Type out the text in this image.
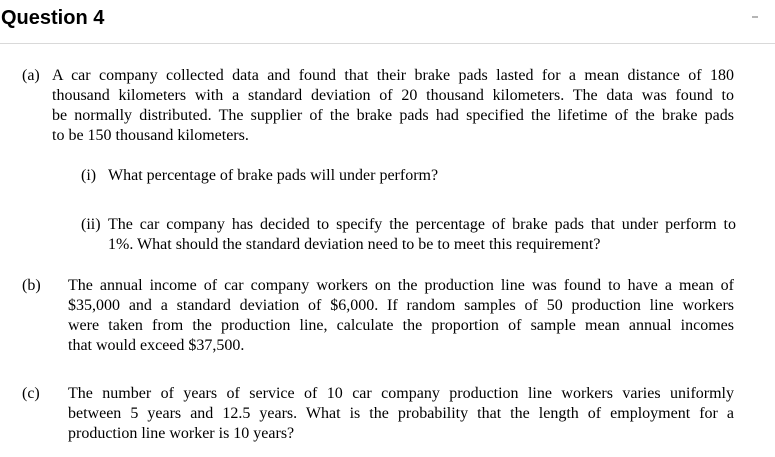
Question 4
(a) A car company collected data and found that their brake pads lasted for a mean distance of 180
thousand kilometers with a standard deviation of 20 thousand kilometers. The data was found to
be normally distributed. The supplier of the brake pads had specified the lifetime of the brake pads
to be 150 thousand kilometers.
(i) What percentage of brake pads will under perform?
(ii) The car company has decided to specify the percentage of brake pads that under perform to
1%. What should the standard deviation need to be to meet this requirement?
(b) The annual income of car company workers on the production line was found to have a mean of
$35,000 and a standard deviation of $6,000. If random samples of 50 production line workers
were taken from the production line, calculate the proportion of sample mean annual incomes
that would exceed $37,500.
(c) The number of years of service of 10 car company production line workers varies uniformly
between 5 years and 12.5 years. What is the probability that the length of employment for a
production line worker is 10 years?
